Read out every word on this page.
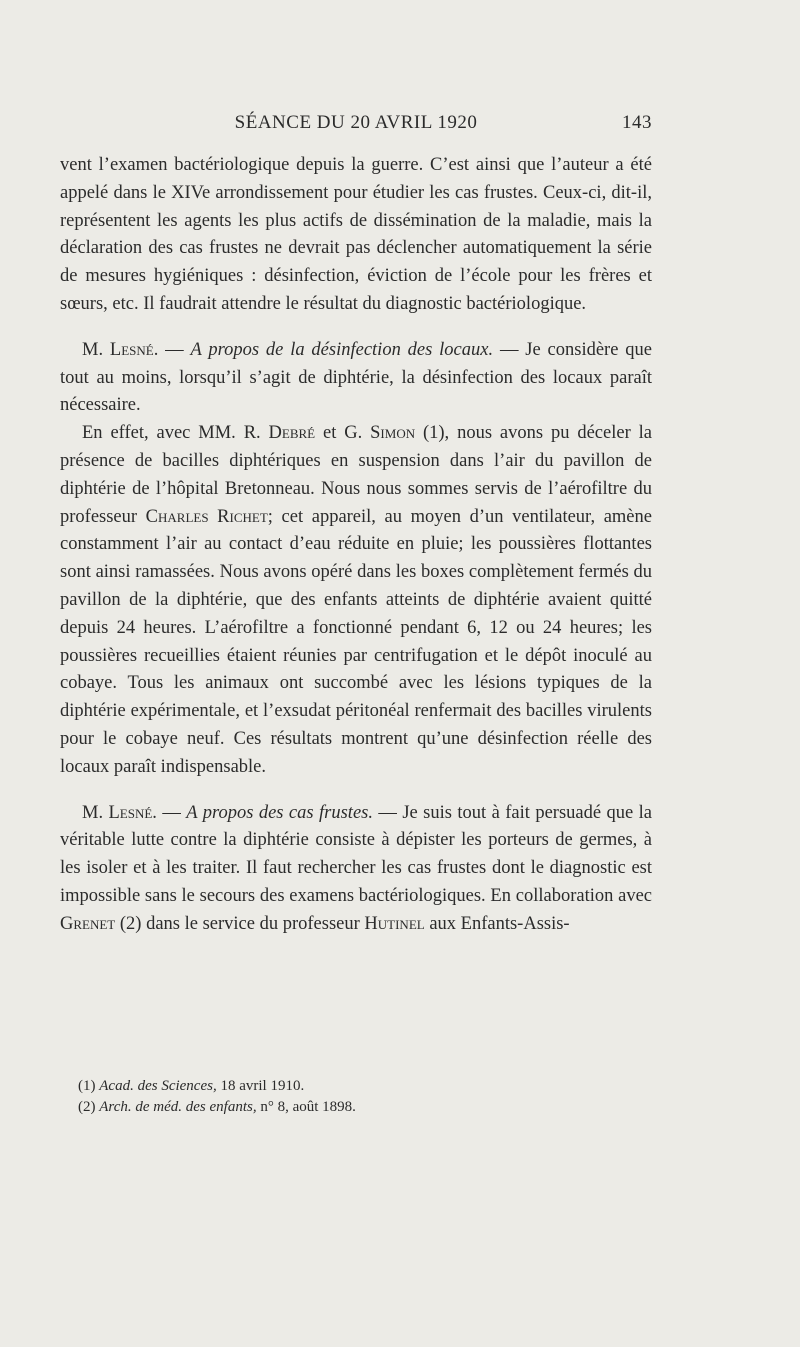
SÉANCE DU 20 AVRIL 1920	143

vent l’examen bactériologique depuis la guerre. C’est ainsi que l’auteur a été appelé dans le XIVe arrondissement pour étudier les cas frustes. Ceux-ci, dit-il, représentent les agents les plus actifs de dissémination de la maladie, mais la déclaration des cas frustes ne devrait pas déclencher automatiquement la série de mesures hygiéniques : désinfection, éviction de l’école pour les frères et sœurs, etc. Il faudrait attendre le résultat du diagnostic bactériologique.

M. Lesné. — A propos de la désinfection des locaux. — Je considère que tout au moins, lorsqu’il s’agit de diphtérie, la désinfection des locaux paraît nécessaire.

En effet, avec MM. R. Debré et G. Simon (1), nous avons pu déceler la présence de bacilles diphtériques en suspension dans l’air du pavillon de diphtérie de l’hôpital Bretonneau. Nous nous sommes servis de l’aérofiltre du professeur Charles Richet; cet appareil, au moyen d’un ventilateur, amène constamment l’air au contact d’eau réduite en pluie; les poussières flottantes sont ainsi ramassées. Nous avons opéré dans les boxes complètement fermés du pavillon de la diphtérie, que des enfants atteints de diphtérie avaient quitté depuis 24 heures. L’aérofiltre a fonctionné pendant 6, 12 ou 24 heures; les poussières recueillies étaient réunies par centrifugation et le dépôt inoculé au cobaye. Tous les animaux ont succombé avec les lésions typiques de la diphtérie expérimentale, et l’exsudat péritonéal renfermait des bacilles virulents pour le cobaye neuf. Ces résultats montrent qu’une désinfection réelle des locaux paraît indispensable.

M. Lesné. — A propos des cas frustes. — Je suis tout à fait persuadé que la véritable lutte contre la diphtérie consiste à dépister les porteurs de germes, à les isoler et à les traiter. Il faut rechercher les cas frustes dont le diagnostic est impossible sans le secours des examens bactériologiques. En collaboration avec Grenet (2) dans le service du professeur Hutinel aux Enfants-Assis-

(1) Acad. des Sciences, 18 avril 1910.

(2) Arch. de méd. des enfants, n° 8, août 1898.
